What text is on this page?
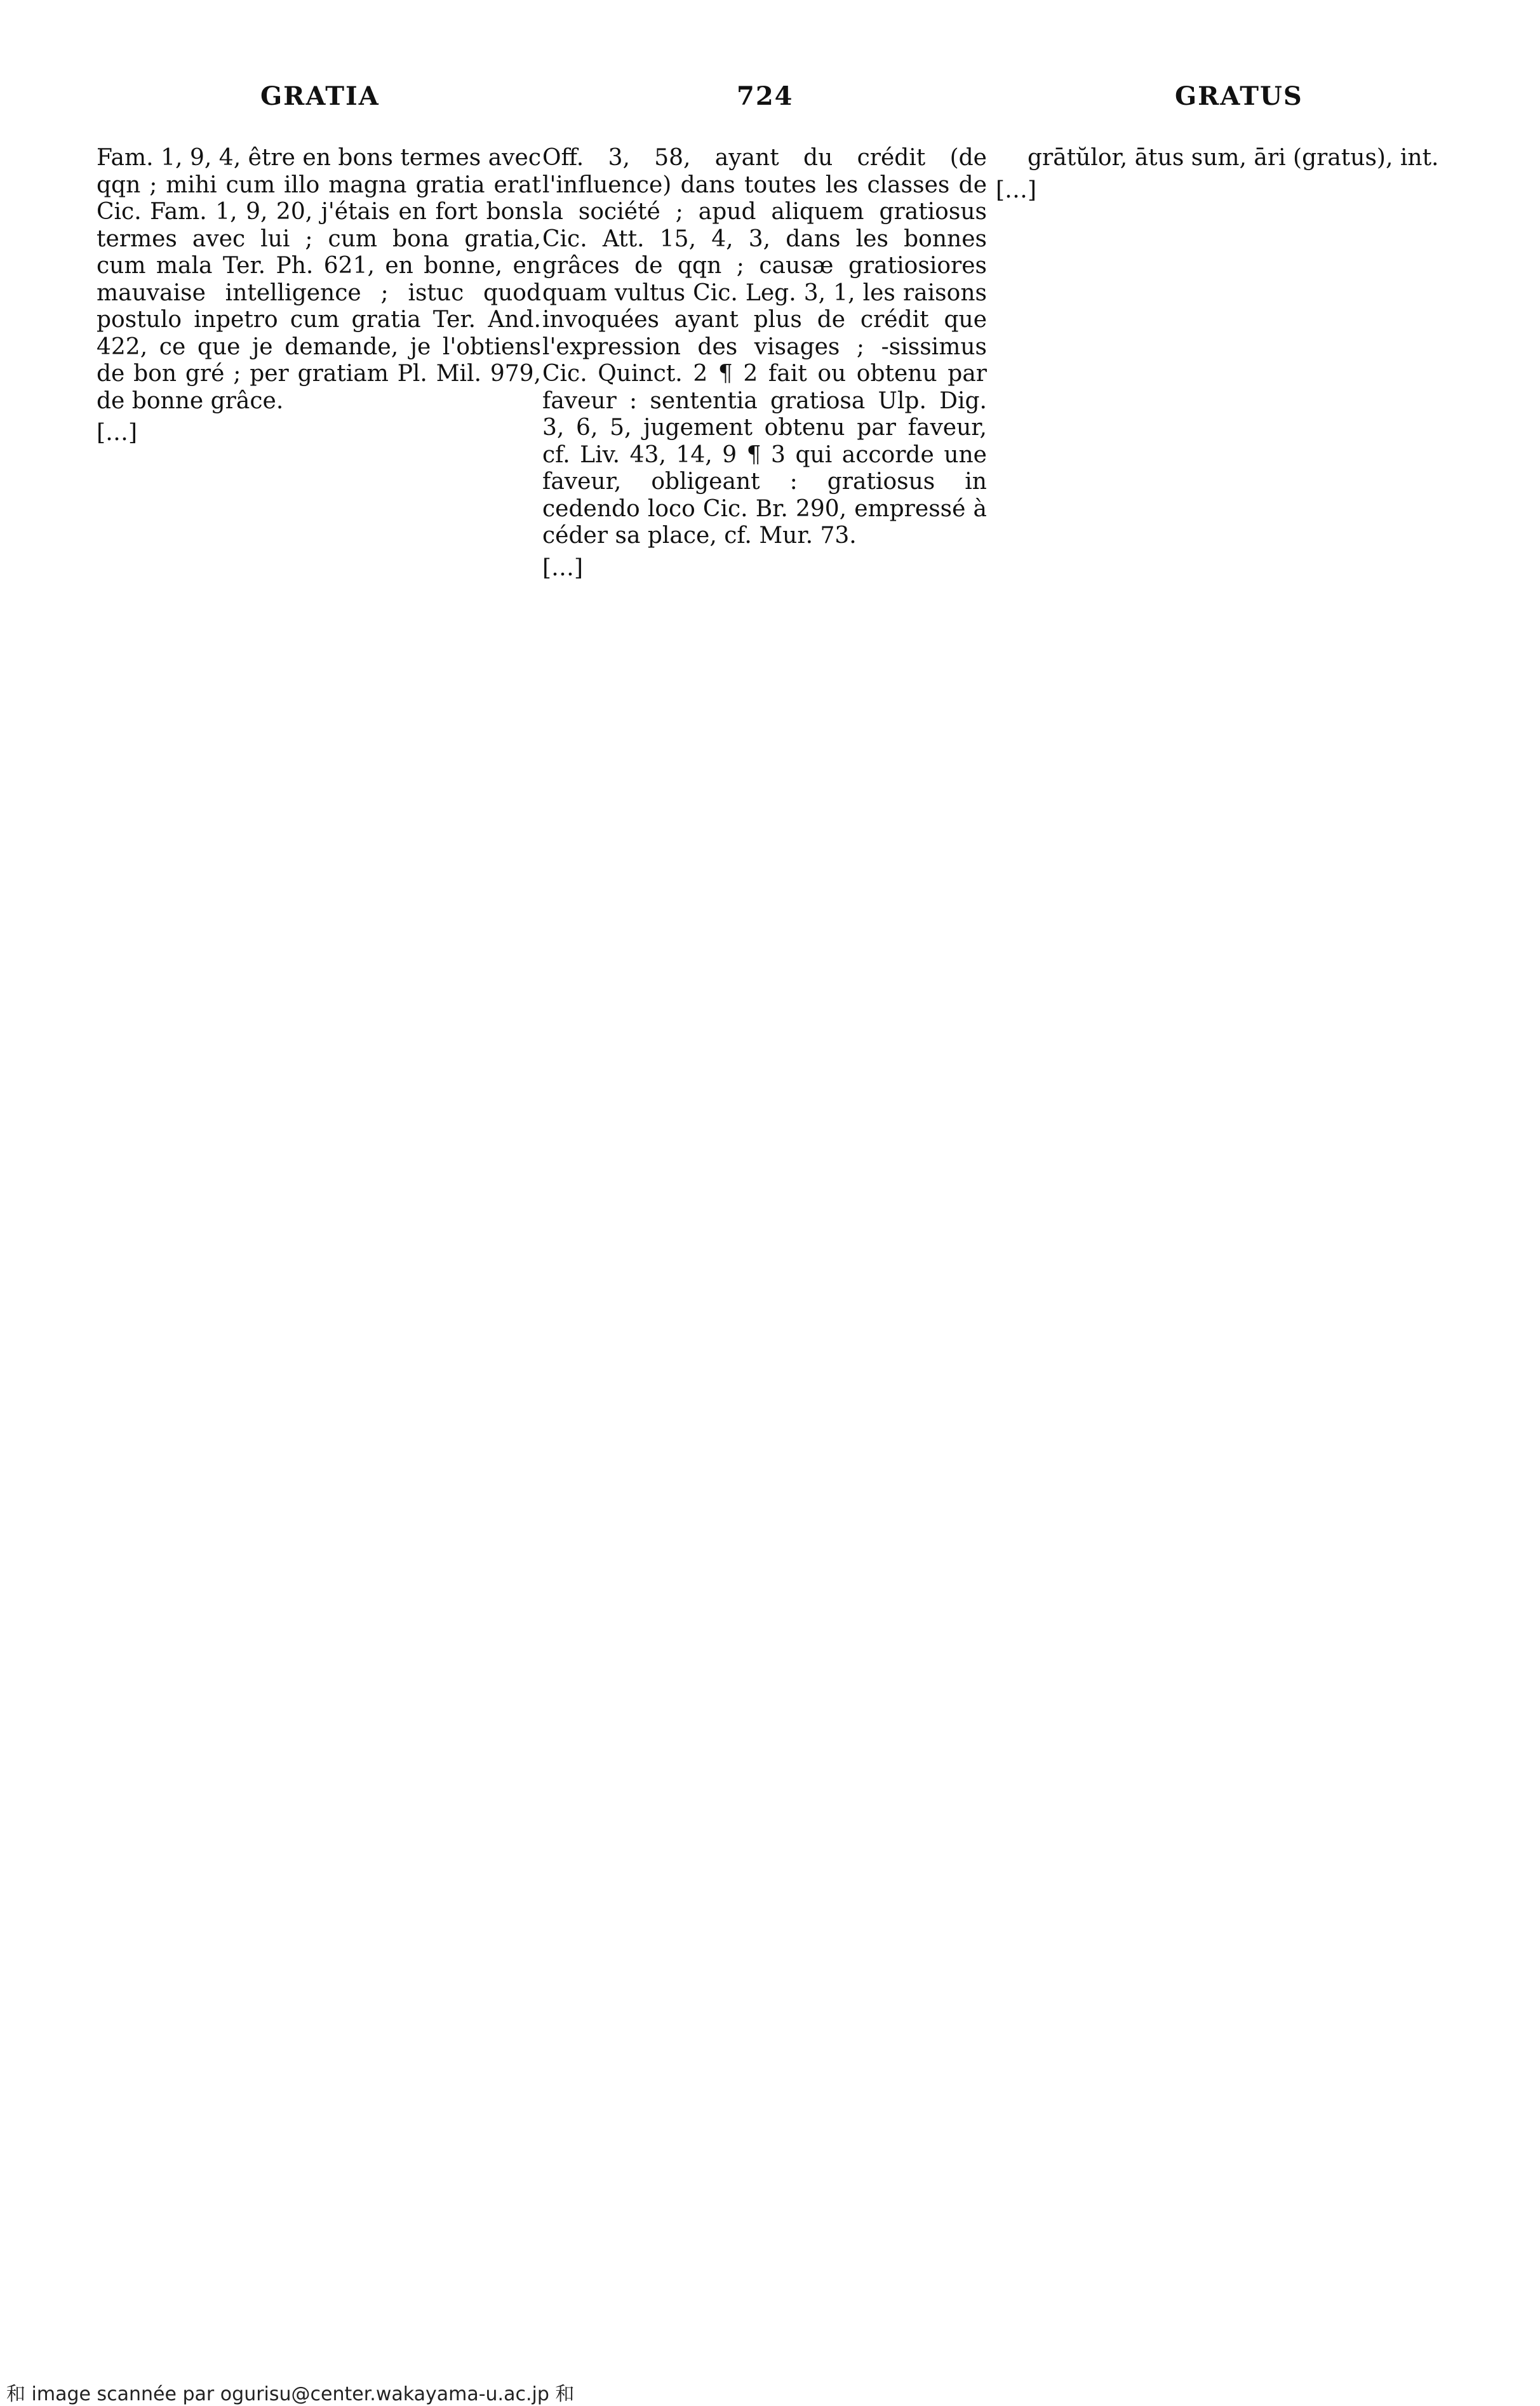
GRATIA	724	GRATUS

Fam. 1, 9, 4, être en bons termes avec qqn ; mihi cum illo magna gratia erat Cic. Fam. 1, 9, 20, j'étais en fort bons termes avec lui ; cum bona gratia, cum mala Ter. Ph. 621, en bonne, en mauvaise intelligence ; istuc quod postulo inpetro cum gratia Ter. And. 422, ce que je demande, je l'obtiens de bon gré ; per gratiam Pl. Mil. 979, de bonne grâce.

[…]

Off. 3, 58, ayant du crédit (de l'influence) dans toutes les classes de la société ; apud aliquem gratiosus Cic. Att. 15, 4, 3, dans les bonnes grâces de qqn ; causæ gratiosiores quam vultus Cic. Leg. 3, 1, les raisons invoquées ayant plus de crédit que l'expression des visages ; -sissimus Cic. Quinct. 2 ¶ 2 fait ou obtenu par faveur : sententia gratiosa Ulp. Dig. 3, 6, 5, jugement obtenu par faveur, cf. Liv. 43, 14, 9 ¶ 3 qui accorde une faveur, obligeant : gratiosus in cedendo loco Cic. Br. 290, empressé à céder sa place, cf. Mur. 73.

[…]

grātŭlor, ātus sum, āri (gratus), int.

[…]

和 image scannée par ogurisu@center.wakayama-u.ac.jp 和
